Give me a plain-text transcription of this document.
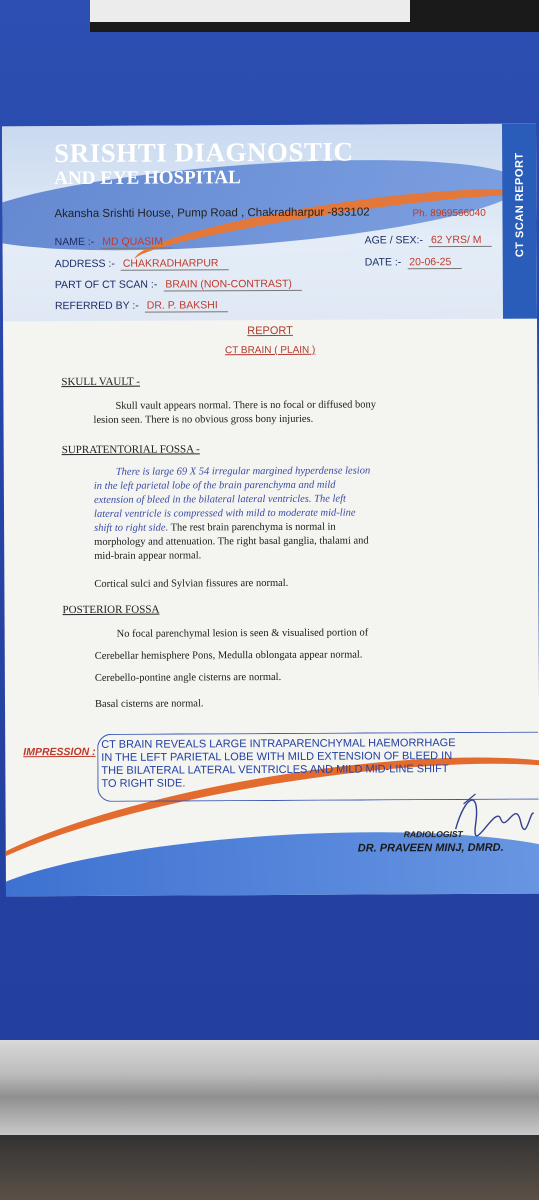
SRISHTI DIAGNOSTIC
AND EYE HOSPITAL
Akansha Srishti House, Pump Road , Chakradharpur -833102	Ph. 8969566040
NAME :- MD QUASIM	AGE / SEX:- 62 YRS/ M
ADDRESS :- CHAKRADHARPUR	DATE :- 20-06-25
PART OF CT SCAN :- BRAIN (NON-CONTRAST)
REFERRED BY :- DR. P. BAKSHI
CT SCAN REPORT
REPORT
CT BRAIN ( PLAIN )
SKULL VAULT -
Skull vault appears normal. There is no focal or diffused bony
lesion seen. There is no obvious gross bony injuries.
SUPRATENTORIAL FOSSA -
There is large 69 X 54 irregular margined hyperdense lesion
in the left parietal lobe of the brain parenchyma and mild
extension of bleed in the bilateral lateral ventricles. The left
lateral ventricle is compressed with mild to moderate mid-line
shift to right side. The rest brain parenchyma is normal in
morphology and attenuation. The right basal ganglia, thalami and
mid-brain appear normal.
Cortical sulci and Sylvian fissures are normal.
POSTERIOR FOSSA
No focal parenchymal lesion is seen & visualised portion of
Cerebellar hemisphere Pons, Medulla oblongata appear normal.
Cerebello-pontine angle cisterns are normal.
Basal cisterns are normal.
IMPRESSION :
CT BRAIN REVEALS LARGE INTRAPARENCHYMAL HAEMORRHAGE
IN THE LEFT PARIETAL LOBE WITH MILD EXTENSION OF BLEED IN
THE BILATERAL LATERAL VENTRICLES AND MILD MID-LINE SHIFT
TO RIGHT SIDE.
RADIOLOGIST
DR. PRAVEEN MINJ, DMRD.
